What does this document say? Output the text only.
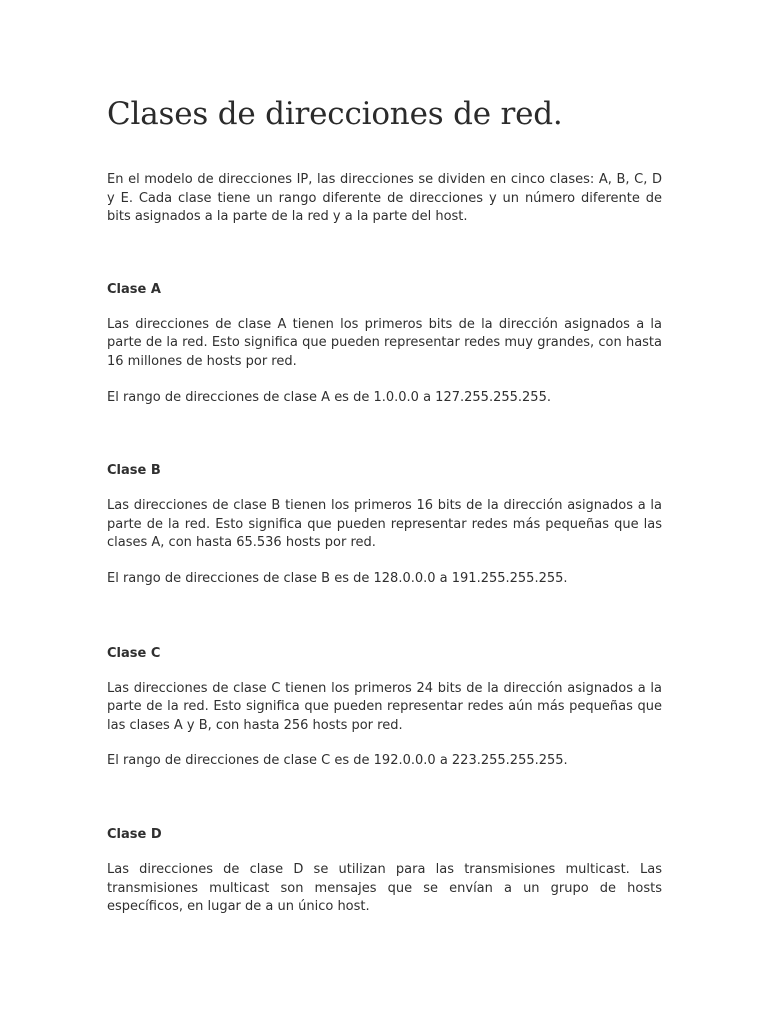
Clases de direcciones de red.

En el modelo de direcciones IP, las direcciones se dividen en cinco clases: A, B, C, D y E. Cada clase tiene un rango diferente de direcciones y un número diferente de bits asignados a la parte de la red y a la parte del host.

Clase A

Las direcciones de clase A tienen los primeros bits de la dirección asignados a la parte de la red. Esto significa que pueden representar redes muy grandes, con hasta 16 millones de hosts por red.

El rango de direcciones de clase A es de 1.0.0.0 a 127.255.255.255.

Clase B

Las direcciones de clase B tienen los primeros 16 bits de la dirección asignados a la parte de la red. Esto significa que pueden representar redes más pequeñas que las clases A, con hasta 65.536 hosts por red.

El rango de direcciones de clase B es de 128.0.0.0 a 191.255.255.255.

Clase C

Las direcciones de clase C tienen los primeros 24 bits de la dirección asignados a la parte de la red. Esto significa que pueden representar redes aún más pequeñas que las clases A y B, con hasta 256 hosts por red.

El rango de direcciones de clase C es de 192.0.0.0 a 223.255.255.255.

Clase D

Las direcciones de clase D se utilizan para las transmisiones multicast. Las transmisiones multicast son mensajes que se envían a un grupo de hosts específicos, en lugar de a un único host.
